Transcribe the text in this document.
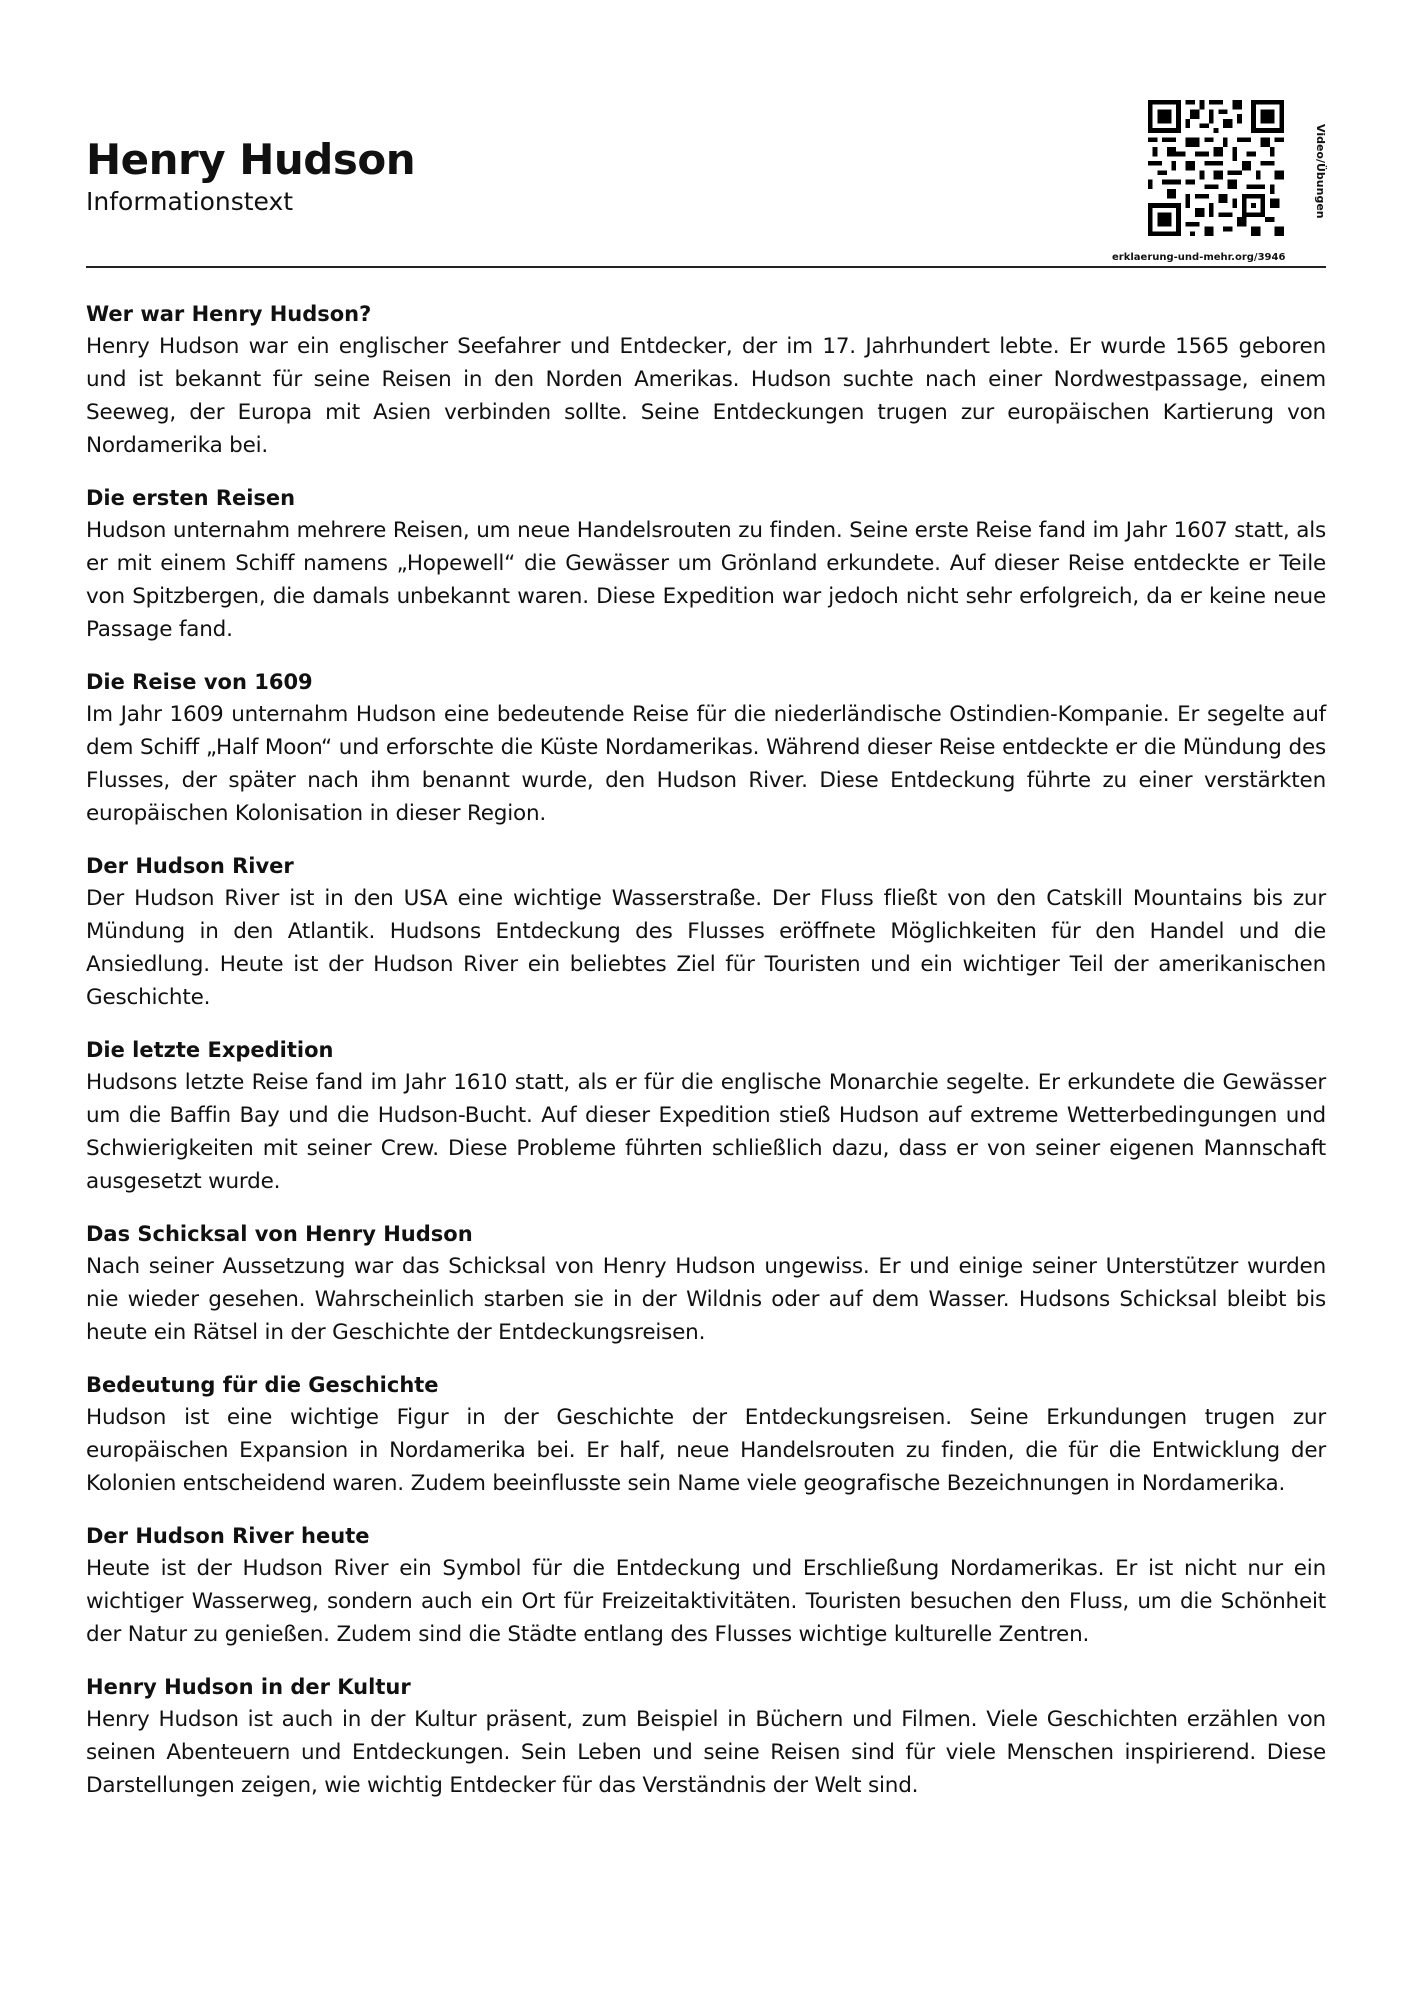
Henry Hudson

Informationstext

erklaerung-und-mehr.org/3946
Video/Übungen
Wer war Henry Hudson?

Henry Hudson war ein englischer Seefahrer und Entdecker, der im 17. Jahrhundert lebte. Er wurde 1565 geboren und ist bekannt für seine Reisen in den Norden Amerikas. Hudson suchte nach einer Nordwestpassage, einem Seeweg, der Europa mit Asien verbinden sollte. Seine Entdeckungen trugen zur europäischen Kartierung von Nordamerika bei.

Die ersten Reisen

Hudson unternahm mehrere Reisen, um neue Handelsrouten zu finden. Seine erste Reise fand im Jahr 1607 statt, als er mit einem Schiff namens „Hopewell“ die Gewässer um Grönland erkundete. Auf dieser Reise entdeckte er Teile von Spitzbergen, die damals unbekannt waren. Diese Expedition war jedoch nicht sehr erfolgreich, da er keine neue Passage fand.

Die Reise von 1609

Im Jahr 1609 unternahm Hudson eine bedeutende Reise für die niederländische Ostindien-Kompanie. Er segelte auf dem Schiff „Half Moon“ und erforschte die Küste Nordamerikas. Während dieser Reise entdeckte er die Mündung des Flusses, der später nach ihm benannt wurde, den Hudson River. Diese Entdeckung führte zu einer verstärkten europäischen Kolonisation in dieser Region.

Der Hudson River

Der Hudson River ist in den USA eine wichtige Wasserstraße. Der Fluss fließt von den Catskill Mountains bis zur Mündung in den Atlantik. Hudsons Entdeckung des Flusses eröffnete Möglichkeiten für den Handel und die Ansiedlung. Heute ist der Hudson River ein beliebtes Ziel für Touristen und ein wichtiger Teil der amerikanischen Geschichte.

Die letzte Expedition

Hudsons letzte Reise fand im Jahr 1610 statt, als er für die englische Monarchie segelte. Er erkundete die Gewässer um die Baffin Bay und die Hudson-Bucht. Auf dieser Expedition stieß Hudson auf extreme Wetterbedingungen und Schwierigkeiten mit seiner Crew. Diese Probleme führten schließlich dazu, dass er von seiner eigenen Mannschaft ausgesetzt wurde.

Das Schicksal von Henry Hudson

Nach seiner Aussetzung war das Schicksal von Henry Hudson ungewiss. Er und einige seiner Unterstützer wurden nie wieder gesehen. Wahrscheinlich starben sie in der Wildnis oder auf dem Wasser. Hudsons Schicksal bleibt bis heute ein Rätsel in der Geschichte der Entdeckungsreisen.

Bedeutung für die Geschichte

Hudson ist eine wichtige Figur in der Geschichte der Entdeckungsreisen. Seine Erkundungen trugen zur europäischen Expansion in Nordamerika bei. Er half, neue Handelsrouten zu finden, die für die Entwicklung der Kolonien entscheidend waren. Zudem beeinflusste sein Name viele geografische Bezeichnungen in Nordamerika.

Der Hudson River heute

Heute ist der Hudson River ein Symbol für die Entdeckung und Erschließung Nordamerikas. Er ist nicht nur ein wichtiger Wasserweg, sondern auch ein Ort für Freizeitaktivitäten. Touristen besuchen den Fluss, um die Schönheit der Natur zu genießen. Zudem sind die Städte entlang des Flusses wichtige kulturelle Zentren.

Henry Hudson in der Kultur

Henry Hudson ist auch in der Kultur präsent, zum Beispiel in Büchern und Filmen. Viele Geschichten erzählen von seinen Abenteuern und Entdeckungen. Sein Leben und seine Reisen sind für viele Menschen inspirierend. Diese Darstellungen zeigen, wie wichtig Entdecker für das Verständnis der Welt sind.
